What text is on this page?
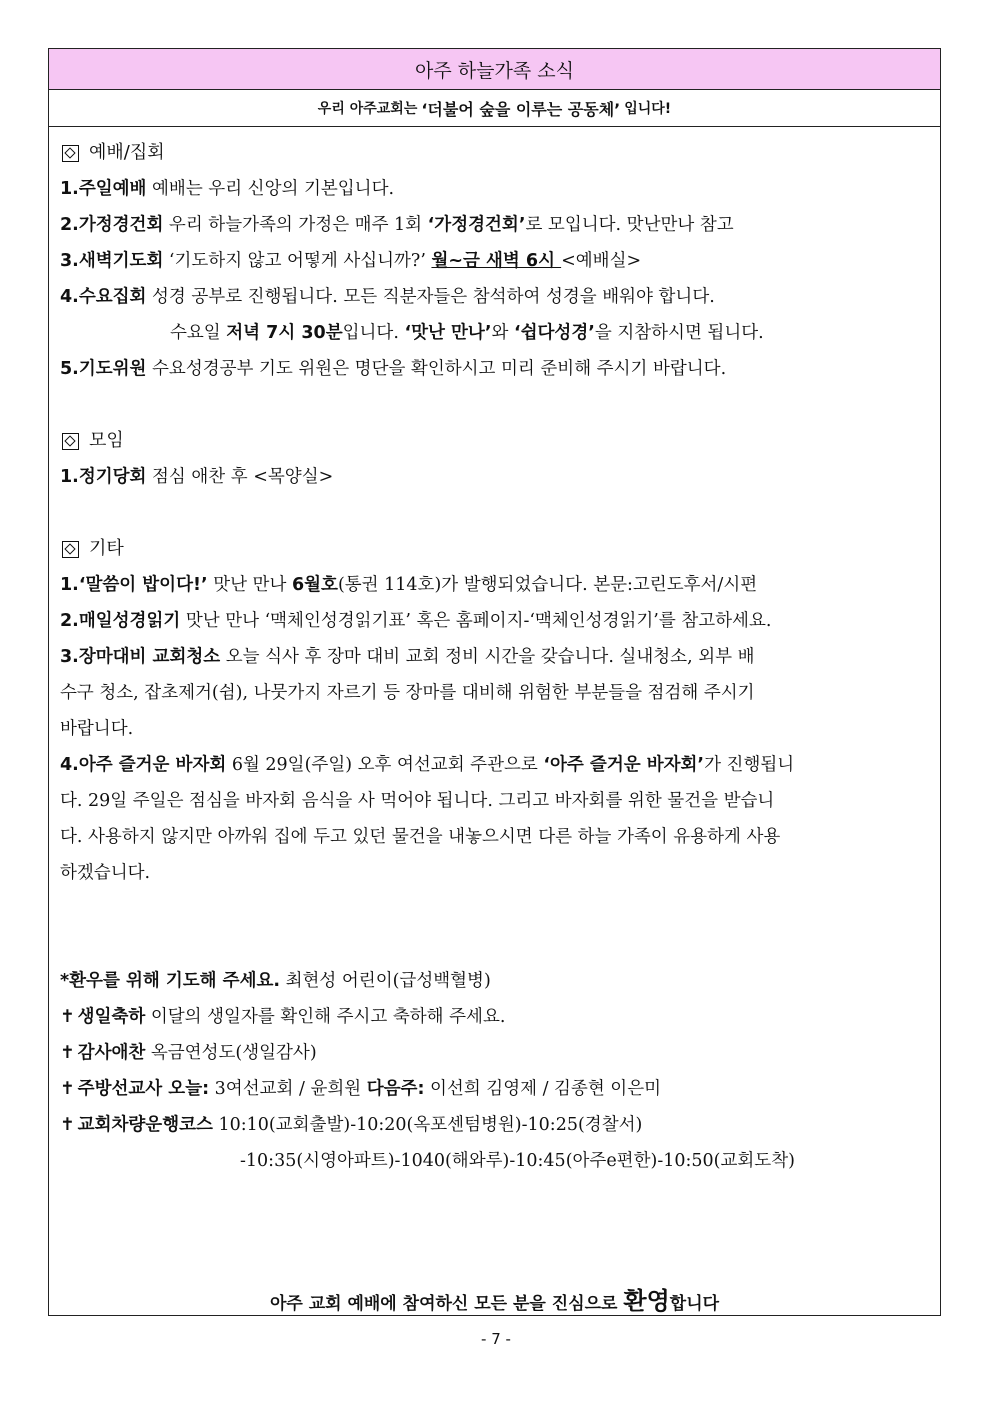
아주 하늘가족 소식
우리 아주교회는 ‘더불어 숲을 이루는 공동체’ 입니다!
예배/집회
1.주일예배 예배는 우리 신앙의 기본입니다.
2.가정경건회 우리 하늘가족의 가정은 매주 1회 ‘가정경건회’로 모입니다. 맛난만나 참고
3.새벽기도회 ‘기도하지 않고 어떻게 사십니까?’ 월~금 새벽 6시 <예배실>
4.수요집회 성경 공부로 진행됩니다. 모든 직분자들은 참석하여 성경을 배워야 합니다.
수요일 저녁 7시 30분입니다. ‘맛난 만나’와 ‘쉽다성경’을 지참하시면 됩니다.
5.기도위원 수요성경공부 기도 위원은 명단을 확인하시고 미리 준비해 주시기 바랍니다.
모임
1.정기당회 점심 애찬 후 <목양실>
기타
1.‘말씀이 밥이다!’ 맛난 만나 6월호(통권 114호)가 발행되었습니다. 본문:고린도후서/시편
2.매일성경읽기 맛난 만나 ‘맥체인성경읽기표’ 혹은 홈페이지-‘맥체인성경읽기’를 참고하세요.
3.장마대비 교회청소 오늘 식사 후 장마 대비 교회 정비 시간을 갖습니다. 실내청소, 외부 배
수구 청소, 잡초제거(쉼), 나뭇가지 자르기 등 장마를 대비해 위험한 부분들을 점검해 주시기
바랍니다.
4.아주 즐거운 바자회 6월 29일(주일) 오후 여선교회 주관으로 ‘아주 즐거운 바자회’가 진행됩니
다. 29일 주일은 점심을 바자회 음식을 사 먹어야 됩니다. 그리고 바자회를 위한 물건을 받습니
다. 사용하지 않지만 아까워 집에 두고 있던 물건을 내놓으시면 다른 하늘 가족이 유용하게 사용
하겠습니다.
*환우를 위해 기도해 주세요. 최현성 어린이(급성백혈병)
✝ 생일축하 이달의 생일자를 확인해 주시고 축하해 주세요.
✝ 감사애찬 옥금연성도(생일감사)
✝ 주방선교사 오늘: 3여선교회 / 윤희원 다음주: 이선희 김영제 / 김종현 이은미
✝ 교회차량운행코스 10:10(교회출발)-10:20(옥포센텀병원)-10:25(경찰서)
-10:35(시영아파트)-1040(해와루)-10:45(아주e편한)-10:50(교회도착)
아주 교회 예배에 참여하신 모든 분을 진심으로 환영합니다
- 7 -
